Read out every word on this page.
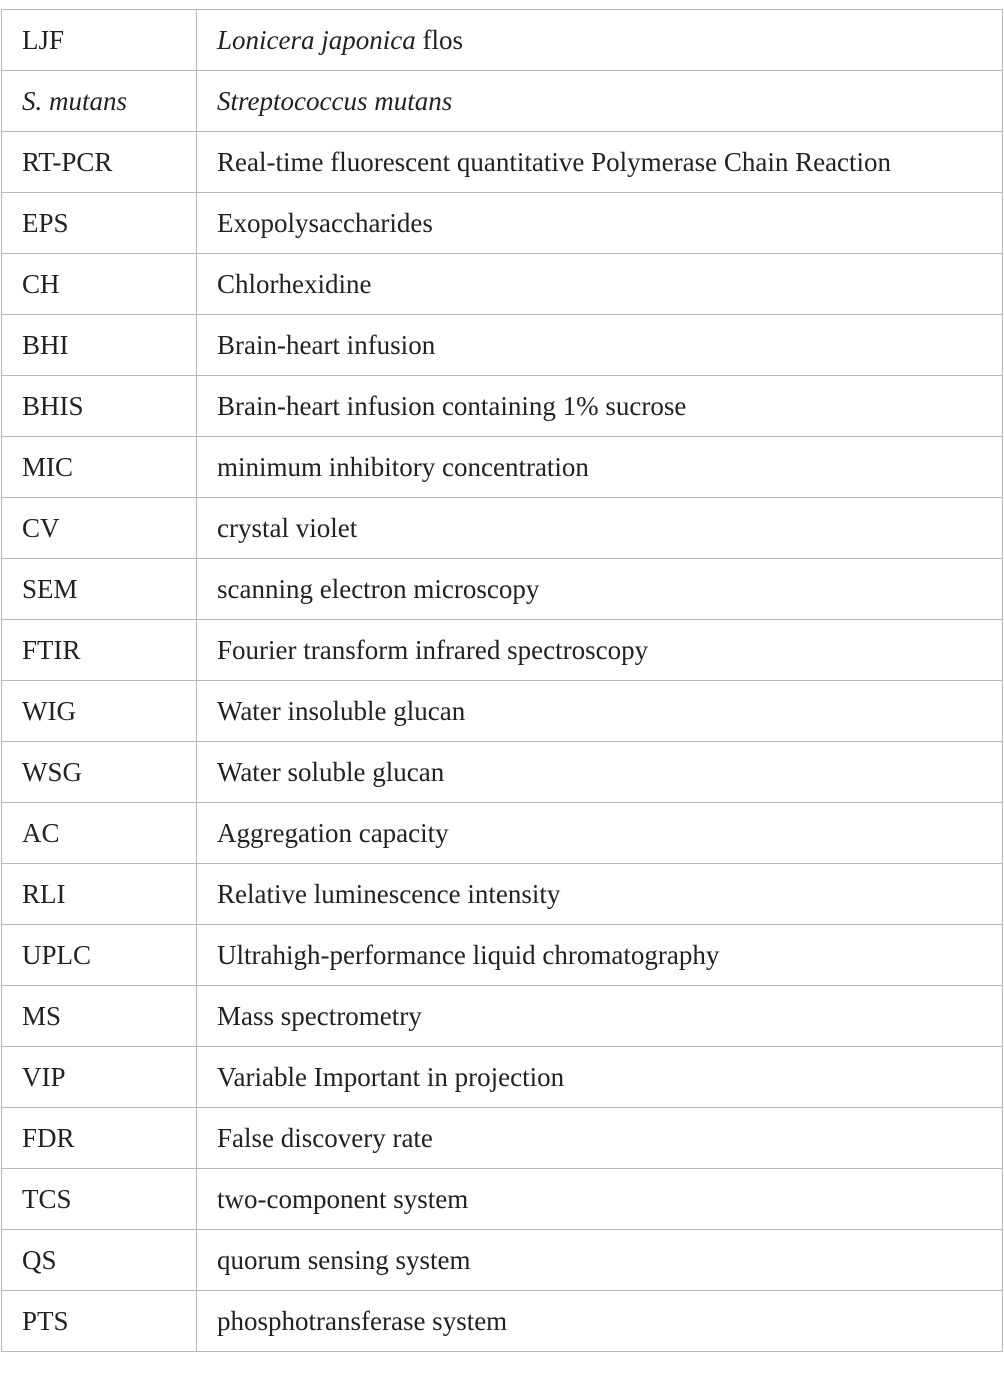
LJF	Lonicera japonica flos
S. mutans	Streptococcus mutans
RT-PCR	Real-time fluorescent quantitative Polymerase Chain Reaction
EPS	Exopolysaccharides
CH	Chlorhexidine
BHI	Brain-heart infusion
BHIS	Brain-heart infusion containing 1% sucrose
MIC	minimum inhibitory concentration
CV	crystal violet
SEM	scanning electron microscopy
FTIR	Fourier transform infrared spectroscopy
WIG	Water insoluble glucan
WSG	Water soluble glucan
AC	Aggregation capacity
RLI	Relative luminescence intensity
UPLC	Ultrahigh-performance liquid chromatography
MS	Mass spectrometry
VIP	Variable Important in projection
FDR	False discovery rate
TCS	two-component system
QS	quorum sensing system
PTS	phosphotransferase system
